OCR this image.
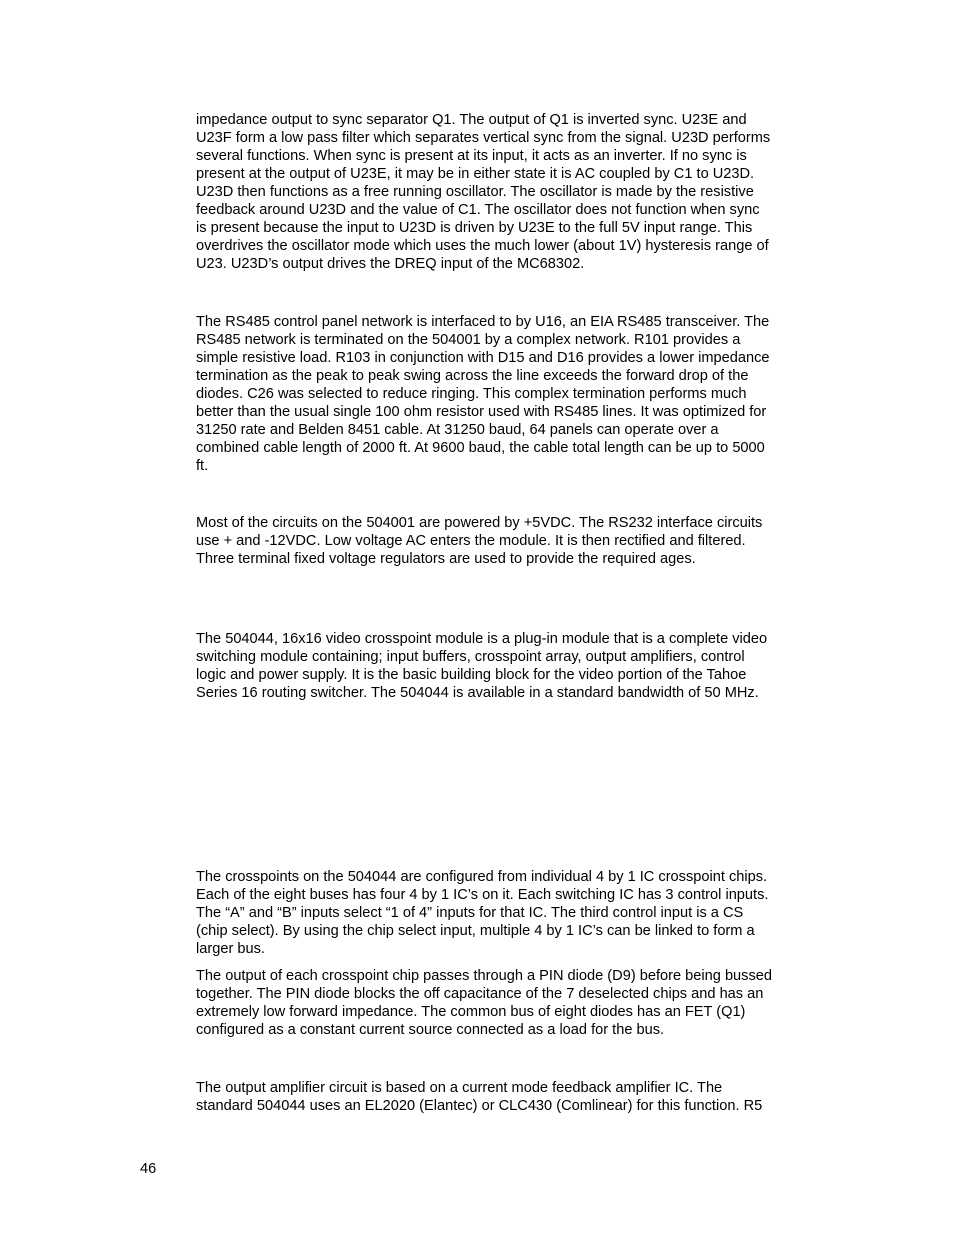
impedance output to sync separator Q1. The output of Q1 is inverted sync. U23E and
U23F form a low pass filter which separates vertical sync from the signal. U23D performs
several functions. When sync is present at its input, it acts as an inverter. If no sync is
present at the output of U23E, it may be in either state it is AC coupled by C1 to U23D.
U23D then functions as a free running oscillator. The oscillator is made by the resistive
feedback around U23D and the value of C1. The oscillator does not function when sync
is present because the input to U23D is driven by U23E to the full 5V input range. This
overdrives the oscillator mode which uses the much lower (about 1V) hysteresis range of
U23. U23D’s output drives the DREQ input of the MC68302.

The RS485 control panel network is interfaced to by U16, an EIA RS485 transceiver. The
RS485 network is terminated on the 504001 by a complex network. R101 provides a
simple resistive load. R103 in conjunction with D15 and D16 provides a lower impedance
termination as the peak to peak swing across the line exceeds the forward drop of the
diodes. C26 was selected to reduce ringing. This complex termination performs much
better than the usual single 100 ohm resistor used with RS485 lines. It was optimized for
31250 rate and Belden 8451 cable. At 31250 baud, 64 panels can operate over a
combined cable length of 2000 ft. At 9600 baud, the cable total length can be up to 5000
ft.

Most of the circuits on the 504001 are powered by +5VDC. The RS232 interface circuits
use + and -12VDC. Low voltage AC enters the module. It is then rectified and filtered.
Three terminal fixed voltage regulators are used to provide the required ages.

The 504044, 16x16 video crosspoint module is a plug-in module that is a complete video
switching module containing; input buffers, crosspoint array, output amplifiers, control
logic and power supply. It is the basic building block for the video portion of the Tahoe
Series 16 routing switcher. The 504044 is available in a standard bandwidth of 50 MHz.

The crosspoints on the 504044 are configured from individual 4 by 1 IC crosspoint chips.
Each of the eight buses has four 4 by 1 IC’s on it. Each switching IC has 3 control inputs.
The “A” and “B” inputs select “1 of 4” inputs for that IC. The third control input is a CS
(chip select). By using the chip select input, multiple 4 by 1 IC’s can be linked to form a
larger bus.

The output of each crosspoint chip passes through a PIN diode (D9) before being bussed
together. The PIN diode blocks the off capacitance of the 7 deselected chips and has an
extremely low forward impedance. The common bus of eight diodes has an FET (Q1)
configured as a constant current source connected as a load for the bus.

The output amplifier circuit is based on a current mode feedback amplifier IC. The
standard 504044 uses an EL2020 (Elantec) or CLC430 (Comlinear) for this function. R5

46
